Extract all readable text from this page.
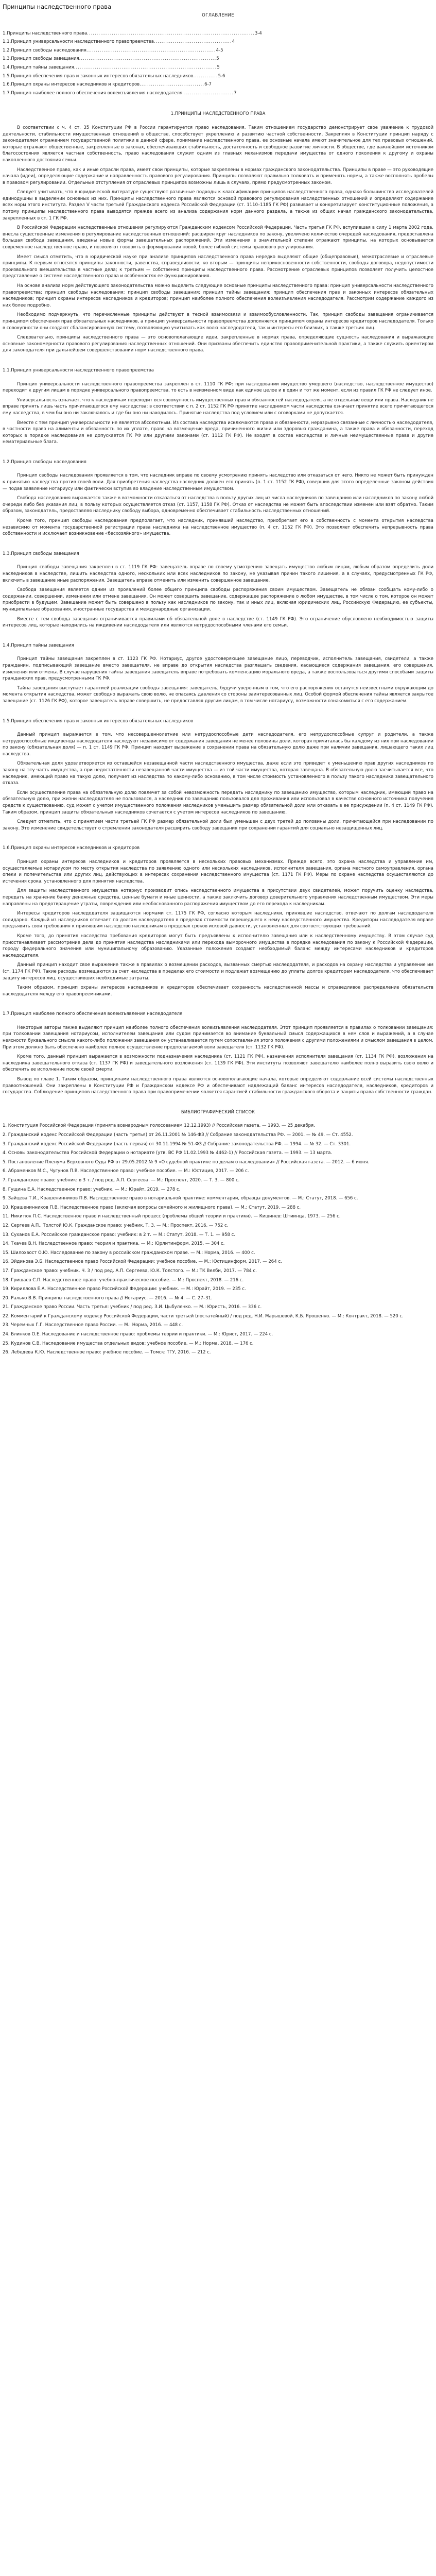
Принципы наследственного права
ОГЛАВЛЕНИЕ
1.Принципы наследственного права ........................................................................................ 3-4
1.1.Принцип универсальности наследственного правопреемства ......................................... 4
1.2.Принцип свободы наследования .................................................................... 4-5
1.3.Принцип свободы завещания ........................................................................ 5
1.4.Принцип тайны завещания ........................................................................... 5
1.5.Принцип обеспечения прав и законных интересов обязательных наследников ............. 5-6
1.6.Принцип охраны интересов наследников и кредиторов .................................. 6-7
1.7.Принцип наиболее полного обеспечения волеизъявления наследодателя ........................... 7
1.ПРИНЦИПЫ НАСЛЕДСТВЕННОГО ПРАВА

В соответствии с ч. 4 ст. 35 Конституции РФ в России гарантируется право наследования. Таким отношением государство демонстрирует свое уважение к трудовой деятельности, стабильности имущественных отношений в обществе, способствует укреплению и развитию частной собственности. Закрепляя в Конституции принцип наряду с законодателем отражением государственной политики в данной сфере, понимание наследственного права, ее основные начала имеют значительное для тех правовых отношений, которые отражают общественные, закрепленные в законах, обеспечивающих стабильность, достаточность и свободное развитие личности. В обществе, где важнейшим источником благосостояния является частная собственность, право наследования служит одним из главных механизмов передачи имущества от одного поколения к другому и охраны накопленного достояния семьи.

Наследственное право, как и иные отрасли права, имеет свои принципы, которые закреплены в нормах гражданского законодательства. Принципы в праве — это руководящие начала (идеи), определяющие содержание и направленность правового регулирования. Принципы позволяют правильно толковать и применять нормы, а также восполнять пробелы в правовом регулировании. Отдельные отступления от отраслевых принципов возможны лишь в случаях, прямо предусмотренных законом.

Следует учитывать, что в юридической литературе существуют различные подходы к классификации принципов наследственного права, однако большинство исследователей единодушны в выделении основных из них. Принципы наследственного права являются основой правового регулирования наследственных отношений и определяют содержание всех норм этого института. Раздел V части третьей Гражданского кодекса Российской Федерации (ст. 1110–1185 ГК РФ) развивает и конкретизирует конституционные положения, а потому принципы наследственного права выводятся прежде всего из анализа содержания норм данного раздела, а также из общих начал гражданского законодательства, закрепленных в ст. 1 ГК РФ.

В Российской Федерации наследственные отношения регулируются Гражданским кодексом Российской Федерации. Часть третья ГК РФ, вступившая в силу 1 марта 2002 года, внесла существенные изменения в регулирование наследственных отношений: расширен круг наследников по закону, увеличено количество очередей наследования, предоставлена большая свобода завещания, введены новые формы завещательных распоряжений. Эти изменения в значительной степени отражают принципы, на которых основывается современное наследственное право, и позволяют говорить о формировании новой, более гибкой системы правового регулирования.

Имеет смысл отметить, что в юридической науке при анализе принципов наследственного права нередко выделяют общие (общеправовые), межотраслевые и отраслевые принципы. К первым относятся принципы законности, равенства, справедливости; ко вторым — принципы неприкосновенности собственности, свободы договора, недопустимости произвольного вмешательства в частные дела; к третьим — собственно принципы наследственного права. Рассмотрение отраслевых принципов позволяет получить целостное представление о системе наследственного права и особенностях ее функционирования.

На основе анализа норм действующего законодательства можно выделить следующие основные принципы наследственного права: принцип универсальности наследственного правопреемства; принцип свободы наследования; принцип свободы завещания; принцип тайны завещания; принцип обеспечения прав и законных интересов обязательных наследников; принцип охраны интересов наследников и кредиторов; принцип наиболее полного обеспечения волеизъявления наследодателя. Рассмотрим содержание каждого из них более подробно.

Необходимо подчеркнуть, что перечисленные принципы действуют в тесной взаимосвязи и взаимообусловленности. Так, принцип свободы завещания ограничивается принципом обеспечения прав обязательных наследников, а принцип универсальности правопреемства дополняется принципом охраны интересов кредиторов наследодателя. Только в совокупности они создают сбалансированную систему, позволяющую учитывать как волю наследодателя, так и интересы его близких, а также третьих лиц.

Следовательно, принципы наследственного права — это основополагающие идеи, закрепленные в нормах права, определяющие сущность наследования и выражающие основные закономерности правового регулирования наследственных отношений. Они призваны обеспечить единство правоприменительной практики, а также служить ориентиром для законодателя при дальнейшем совершенствовании норм наследственного права.

1.1.Принцип универсальности наследственного правопреемства

Принцип универсальности наследственного правопреемства закреплен в ст. 1110 ГК РФ: при наследовании имущество умершего (наследство, наследственное имущество) переходит к другим лицам в порядке универсального правопреемства, то есть в неизменном виде как единое целое и в один и тот же момент, если из правил ГК РФ не следует иное.

Универсальность означает, что к наследникам переходит вся совокупность имущественных прав и обязанностей наследодателя, а не отдельные вещи или права. Наследник не вправе принять лишь часть причитающегося ему наследства: в соответствии с п. 2 ст. 1152 ГК РФ принятие наследником части наследства означает принятие всего причитающегося ему наследства, в чем бы оно ни заключалось и где бы оно ни находилось. Принятие наследства под условием или с оговорками не допускается.

Вместе с тем принцип универсальности не является абсолютным. Из состава наследства исключаются права и обязанности, неразрывно связанные с личностью наследодателя, в частности право на алименты и обязанность по их уплате, право на возмещение вреда, причиненного жизни или здоровью гражданина, а также права и обязанности, переход которых в порядке наследования не допускается ГК РФ или другими законами (ст. 1112 ГК РФ). Не входят в состав наследства и личные неимущественные права и другие нематериальные блага.

1.2.Принцип свободы наследования

Принцип свободы наследования проявляется в том, что наследник вправе по своему усмотрению принять наследство или отказаться от него. Никто не может быть принужден к принятию наследства против своей воли. Для приобретения наследства наследник должен его принять (п. 1 ст. 1152 ГК РФ), совершив для этого определенные законом действия — подав заявление нотариусу или фактически вступив во владение наследственным имуществом.

Свобода наследования выражается также в возможности отказаться от наследства в пользу других лиц из числа наследников по завещанию или наследников по закону любой очереди либо без указания лиц, в пользу которых осуществляется отказ (ст. 1157, 1158 ГК РФ). Отказ от наследства не может быть впоследствии изменен или взят обратно. Таким образом, законодатель, предоставляя наследнику свободу выбора, одновременно обеспечивает стабильность наследственных отношений.

Кроме того, принцип свободы наследования предполагает, что наследник, принявший наследство, приобретает его в собственность с момента открытия наследства независимо от момента государственной регистрации права наследника на наследственное имущество (п. 4 ст. 1152 ГК РФ). Это позволяет обеспечить непрерывность права собственности и исключает возникновение «бесхозяйного» имущества.

1.3.Принцип свободы завещания

Принцип свободы завещания закреплен в ст. 1119 ГК РФ: завещатель вправе по своему усмотрению завещать имущество любым лицам, любым образом определить доли наследников в наследстве, лишить наследства одного, нескольких или всех наследников по закону, не указывая причин такого лишения, а в случаях, предусмотренных ГК РФ, включить в завещание иные распоряжения. Завещатель вправе отменить или изменить совершенное завещание.

Свобода завещания является одним из проявлений более общего принципа свободы распоряжения своим имуществом. Завещатель не обязан сообщать кому-либо о содержании, совершении, изменении или отмене завещания. Он может совершить завещание, содержащее распоряжение о любом имуществе, в том числе о том, которое он может приобрести в будущем. Завещание может быть совершено в пользу как наследников по закону, так и иных лиц, включая юридических лиц, Российскую Федерацию, ее субъекты, муниципальные образования, иностранные государства и международные организации.

Вместе с тем свобода завещания ограничивается правилами об обязательной доле в наследстве (ст. 1149 ГК РФ). Это ограничение обусловлено необходимостью защиты интересов лиц, которые находились на иждивении наследодателя или являются нетрудоспособными членами его семьи.

1.4.Принцип тайны завещания

Принцип тайны завещания закреплен в ст. 1123 ГК РФ. Нотариус, другое удостоверяющее завещание лицо, переводчик, исполнитель завещания, свидетели, а также гражданин, подписывающий завещание вместо завещателя, не вправе до открытия наследства разглашать сведения, касающиеся содержания завещания, его совершения, изменения или отмены. В случае нарушения тайны завещания завещатель вправе потребовать компенсацию морального вреда, а также воспользоваться другими способами защиты гражданских прав, предусмотренными ГК РФ.

Тайна завещания выступает гарантией реализации свободы завещания: завещатель, будучи уверенным в том, что его распоряжения останутся неизвестными окружающим до момента открытия наследства, может свободно выражать свою волю, не опасаясь давления со стороны заинтересованных лиц. Особой формой обеспечения тайны является закрытое завещание (ст. 1126 ГК РФ), которое завещатель вправе совершить, не предоставляя другим лицам, в том числе нотариусу, возможности ознакомиться с его содержанием.

1.5.Принцип обеспечения прав и законных интересов обязательных наследников

Данный принцип выражается в том, что несовершеннолетние или нетрудоспособные дети наследодателя, его нетрудоспособные супруг и родители, а также нетрудоспособные иждивенцы наследодателя наследуют независимо от содержания завещания не менее половины доли, которая причиталась бы каждому из них при наследовании по закону (обязательная доля) — п. 1 ст. 1149 ГК РФ. Принцип находит выражение в сохранении права на обязательную долю даже при наличии завещания, лишающего таких лиц наследства.

Обязательная доля удовлетворяется из оставшейся незавещанной части наследственного имущества, даже если это приведет к уменьшению прав других наследников по закону на эту часть имущества, а при недостаточности незавещанной части имущества — из той части имущества, которая завещана. В обязательную долю засчитывается все, что наследник, имеющий право на такую долю, получает из наследства по какому-либо основанию, в том числе стоимость установленного в пользу такого наследника завещательного отказа.

Если осуществление права на обязательную долю повлечет за собой невозможность передать наследнику по завещанию имущество, которым наследник, имеющий право на обязательную долю, при жизни наследодателя не пользовался, а наследник по завещанию пользовался для проживания или использовал в качестве основного источника получения средств к существованию, суд может с учетом имущественного положения наследников уменьшить размер обязательной доли или отказать в ее присуждении (п. 4 ст. 1149 ГК РФ). Таким образом, принцип защиты обязательных наследников сочетается с учетом интересов наследников по завещанию.

Следует отметить, что с принятием части третьей ГК РФ размер обязательной доли был уменьшен с двух третей до половины доли, причитающейся при наследовании по закону. Это изменение свидетельствует о стремлении законодателя расширить свободу завещания при сохранении гарантий для социально незащищенных лиц.

1.6.Принцип охраны интересов наследников и кредиторов

Принцип охраны интересов наследников и кредиторов проявляется в нескольких правовых механизмах. Прежде всего, это охрана наследства и управление им, осуществляемые нотариусом по месту открытия наследства по заявлению одного или нескольких наследников, исполнителя завещания, органа местного самоуправления, органа опеки и попечительства или других лиц, действующих в интересах сохранения наследственного имущества (ст. 1171 ГК РФ). Меры по охране наследства осуществляются до истечения срока, установленного для принятия наследства.

Для защиты наследственного имущества нотариус производит опись наследственного имущества в присутствии двух свидетелей, может поручить оценку наследства, передать на хранение банку денежные средства, ценные бумаги и иные ценности, а также заключить договор доверительного управления наследственным имуществом. Эти меры направлены на предотвращение утраты, повреждения или необоснованного распоряжения имуществом до его перехода к наследникам.

Интересы кредиторов наследодателя защищаются нормами ст. 1175 ГК РФ, согласно которым наследники, принявшие наследство, отвечают по долгам наследодателя солидарно. Каждый из наследников отвечает по долгам наследодателя в пределах стоимости перешедшего к нему наследственного имущества. Кредиторы наследодателя вправе предъявить свои требования к принявшим наследство наследникам в пределах сроков исковой давности, установленных для соответствующих требований.

Кроме того, до принятия наследства требования кредиторов могут быть предъявлены к исполнителю завещания или к наследственному имуществу. В этом случае суд приостанавливает рассмотрение дела до принятия наследства наследниками или перехода выморочного имущества в порядке наследования по закону к Российской Федерации, городу федерального значения или муниципальному образованию. Указанные положения создают необходимый баланс между интересами наследников и кредиторов наследодателя.

Данный принцип находит свое выражение также в правилах о возмещении расходов, вызванных смертью наследодателя, и расходов на охрану наследства и управление им (ст. 1174 ГК РФ). Такие расходы возмещаются за счет наследства в пределах его стоимости и подлежат возмещению до уплаты долгов кредиторам наследодателя, что обеспечивает защиту интересов лиц, осуществивших необходимые затраты.

Таким образом, принцип охраны интересов наследников и кредиторов обеспечивает сохранность наследственной массы и справедливое распределение обязательств наследодателя между его правопреемниками.

1.7.Принцип наиболее полного обеспечения волеизъявления наследодателя

Некоторые авторы также выделяют принцип наиболее полного обеспечения волеизъявления наследодателя. Этот принцип проявляется в правилах о толковании завещания: при толковании завещания нотариусом, исполнителем завещания или судом принимается во внимание буквальный смысл содержащихся в нем слов и выражений, а в случае неясности буквального смысла какого-либо положения завещания он устанавливается путем сопоставления этого положения с другими положениями и смыслом завещания в целом. При этом должно быть обеспечено наиболее полное осуществление предполагаемой воли завещателя (ст. 1132 ГК РФ).

Кроме того, данный принцип выражается в возможности подназначения наследника (ст. 1121 ГК РФ), назначения исполнителя завещания (ст. 1134 ГК РФ), возложения на наследника завещательного отказа (ст. 1137 ГК РФ) и завещательного возложения (ст. 1139 ГК РФ). Эти институты позволяют завещателю наиболее полно выразить свою волю и обеспечить ее исполнение после своей смерти.

Вывод по главе 1. Таким образом, принципами наследственного права являются основополагающие начала, которые определяют содержание всей системы наследственных правоотношений. Они закреплены в Конституции РФ и Гражданском кодексе РФ и обеспечивают надлежащий баланс интересов наследодателя, наследников, кредиторов и государства. Соблюдение принципов наследственного права при правоприменении является гарантией стабильности гражданского оборота и защиты права собственности граждан.

БИБЛИОГРАФИЧЕСКИЙ СПИСОК
1. Конституция Российской Федерации (принята всенародным голосованием 12.12.1993) // Российская газета. — 1993. — 25 декабря.
2. Гражданский кодекс Российской Федерации (часть третья) от 26.11.2001 № 146-ФЗ // Собрание законодательства РФ. — 2001. — № 49. — Ст. 4552.
3. Гражданский кодекс Российской Федерации (часть первая) от 30.11.1994 № 51-ФЗ // Собрание законодательства РФ. — 1994. — № 32. — Ст. 3301.
4. Основы законодательства Российской Федерации о нотариате (утв. ВС РФ 11.02.1993 № 4462-1) // Российская газета. — 1993. — 13 марта.
5. Постановление Пленума Верховного Суда РФ от 29.05.2012 № 9 «О судебной практике по делам о наследовании» // Российская газета. — 2012. — 6 июня.
6. Абраменков М.С., Чугунов П.В. Наследственное право: учебное пособие. — М.: Юстиция, 2017. — 206 с.
7. Гражданское право: учебник: в 3 т. / под ред. А.П. Сергеева. — М.: Проспект, 2020. — Т. 3. — 800 с.
8. Гущина Е.А. Наследственное право: учебник. — М.: Юрайт, 2019. — 278 с.
9. Зайцева Т.И., Крашенинников П.В. Наследственное право в нотариальной практике: комментарии, образцы документов. — М.: Статут, 2018. — 656 с.
10. Крашенинников П.В. Наследственное право (включая вопросы семейного и жилищного права). — М.: Статут, 2019. — 288 с.
11. Никитюк П.С. Наследственное право и наследственный процесс (проблемы общей теории и практики). — Кишинев: Штиинца, 1973. — 256 с.
12. Сергеев А.П., Толстой Ю.К. Гражданское право: учебник. Т. 3. — М.: Проспект, 2016. — 752 с.
13. Суханов Е.А. Российское гражданское право: учебник: в 2 т. — М.: Статут, 2018. — Т. 1. — 958 с.
14. Ткачев В.Н. Наследственное право: теория и практика. — М.: Юрлитинформ, 2015. — 304 с.
15. Шилохвост О.Ю. Наследование по закону в российском гражданском праве. — М.: Норма, 2016. — 400 с.
16. Эйдинова Э.Б. Наследственное право Российской Федерации: учебное пособие. — М.: Юстицинформ, 2017. — 264 с.
17. Гражданское право: учебник. Ч. 3 / под ред. А.П. Сергеева, Ю.К. Толстого. — М.: ТК Велби, 2017. — 784 с.
18. Гришаев С.П. Наследственное право: учебно-практическое пособие. — М.: Проспект, 2018. — 216 с.
19. Кириллова Е.А. Наследственное право Российской Федерации: учебник. — М.: Юрайт, 2019. — 235 с.
20. Ралько В.В. Принципы наследственного права // Нотариус. — 2016. — № 4. — С. 27–31.
21. Гражданское право России. Часть третья: учебник / под ред. З.И. Цыбуленко. — М.: Юристъ, 2016. — 336 с.
22. Комментарий к Гражданскому кодексу Российской Федерации, части третьей (постатейный) / под ред. Н.И. Марышевой, К.Б. Ярошенко. — М.: Контракт, 2018. — 520 с.
23. Черемных Г.Г. Наследственное право России. — М.: Норма, 2016. — 448 с.
24. Блинков О.Е. Наследование и наследственное право: проблемы теории и практики. — М.: Юрист, 2017. — 224 с.
25. Кудинов С.В. Наследование имущества отдельных видов: учебное пособие. — М.: Норма, 2018. — 176 с.
26. Лебедева К.Ю. Наследственное право: учебное пособие. — Томск: ТГУ, 2016. — 212 с.
